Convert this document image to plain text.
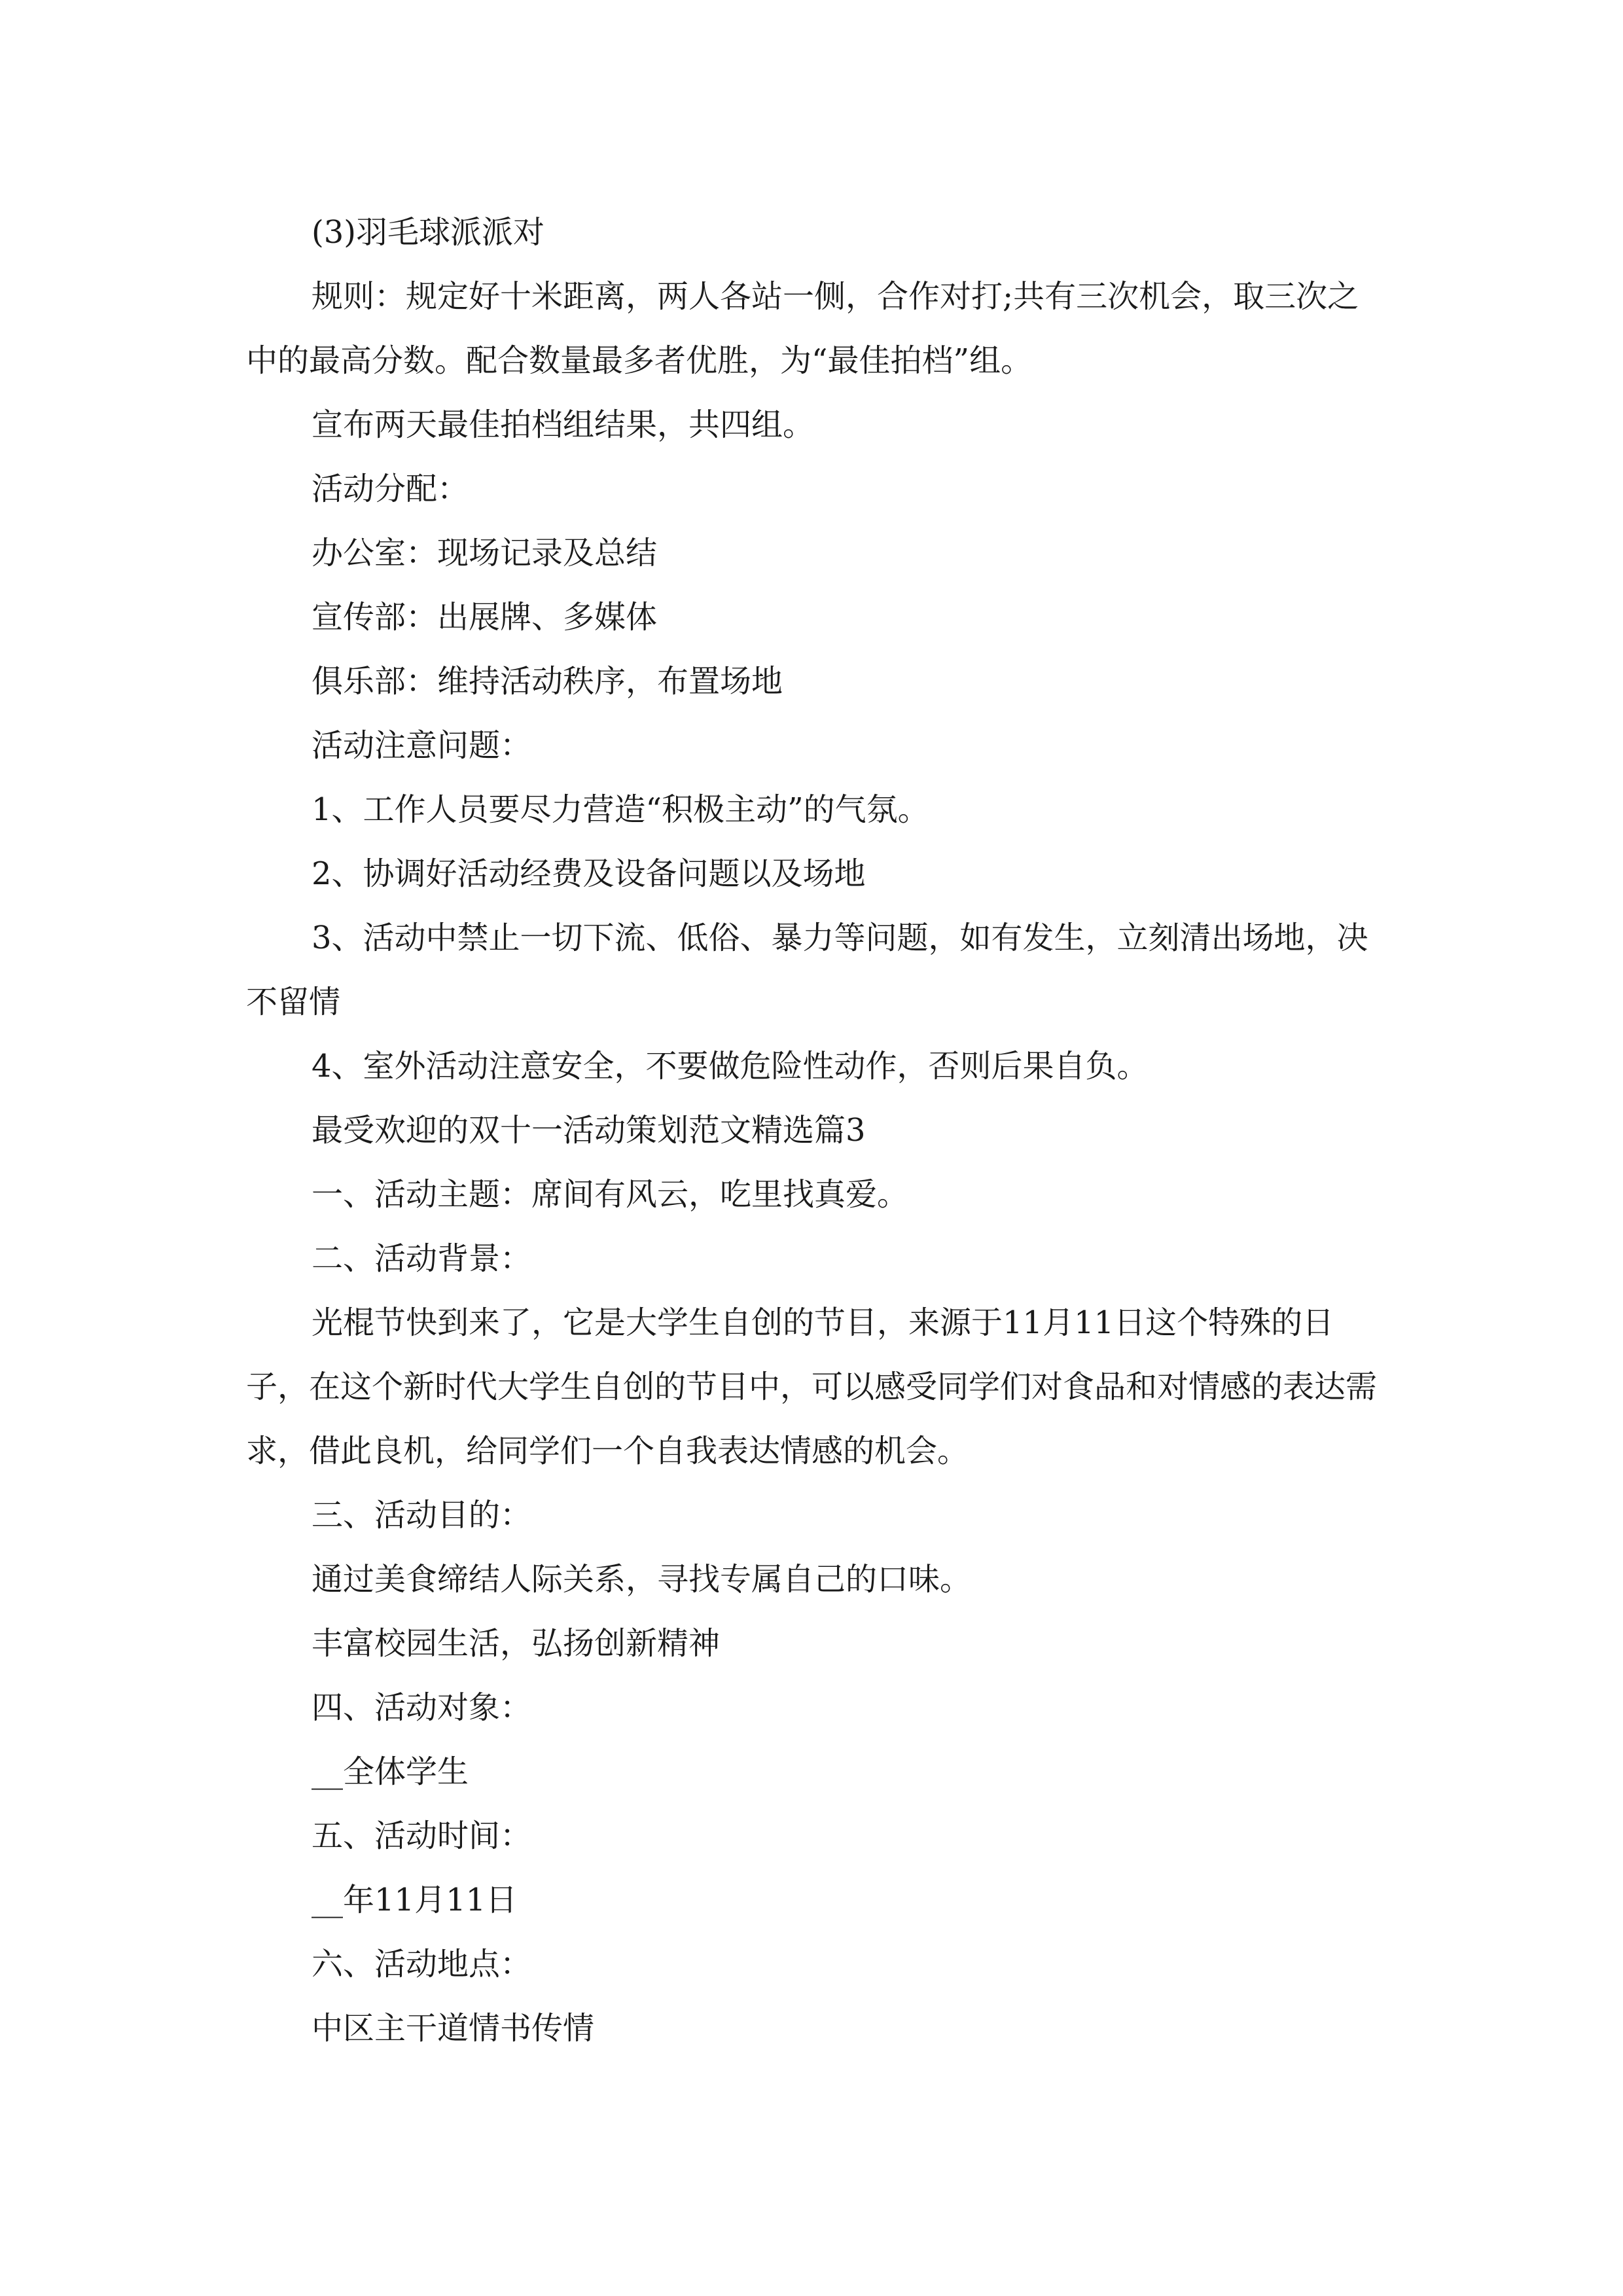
(3)羽毛球派派对

规则：规定好十米距离，两人各站一侧，合作对打;共有三次机会，取三次之中的最高分数。配合数量最多者优胜，为“最佳拍档”组。

宣布两天最佳拍档组结果，共四组。

活动分配：

办公室：现场记录及总结

宣传部：出展牌、多媒体

俱乐部：维持活动秩序，布置场地

活动注意问题：

1、工作人员要尽力营造“积极主动”的气氛。

2、协调好活动经费及设备问题以及场地

3、活动中禁止一切下流、低俗、暴力等问题，如有发生，立刻清出场地，决不留情

4、室外活动注意安全，不要做危险性动作，否则后果自负。

最受欢迎的双十一活动策划范文精选篇3

一、活动主题：席间有风云，吃里找真爱。

二、活动背景：

光棍节快到来了，它是大学生自创的节目，来源于11月11日这个特殊的日子，在这个新时代大学生自创的节目中，可以感受同学们对食品和对情感的表达需求，借此良机，给同学们一个自我表达情感的机会。

三、活动目的：

通过美食缔结人际关系，寻找专属自己的口味。

丰富校园生活，弘扬创新精神

四、活动对象：

__全体学生

五、活动时间：

__年11月11日

六、活动地点：

中区主干道情书传情
